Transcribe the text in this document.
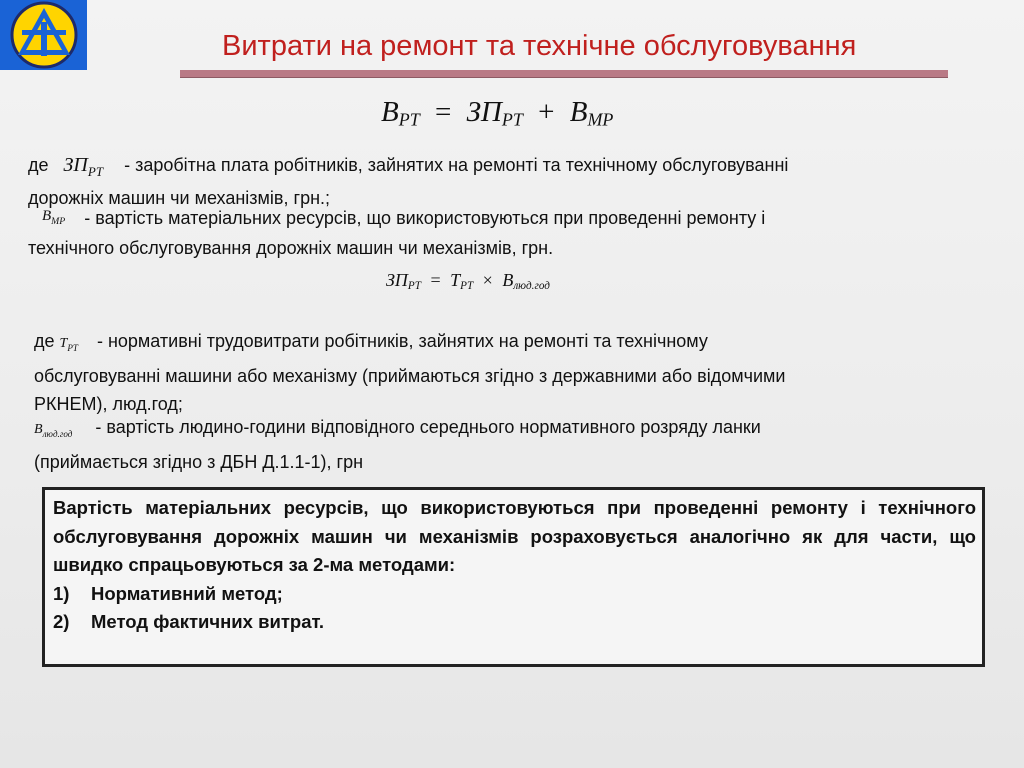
Витрати на ремонт та технічне обслуговування
$В_{РТ} = ЗП_{РТ} + В_{МР}$
де $ЗП_{РТ}$ - заробітна плата робітників, зайнятих на ремонті та технічному обслуговуванні
дорожніх машин чи механізмів, грн.;
$В_{МР}$ - вартість матеріальних ресурсів, що використовуються при проведенні ремонту і
технічного обслуговування дорожніх машин чи механізмів, грн.
$ЗП_{РТ} = Т_{РТ} \times В_{люд.год}$
де $Т_{РТ}$ - нормативні трудовитрати робітників, зайнятих на ремонті та технічному
обслуговуванні машини або механізму (приймаються згідно з державними або відомчими
РКНЕМ), люд.год;
$В_{люд.год}$ - вартість людино-години відповідного середнього нормативного розряду ланки
(приймається згідно з ДБН Д.1.1-1), грн
Вартість матеріальних ресурсів, що використовуються при проведенні ремонту і технічного обслуговування дорожніх машин чи механізмів розраховується аналогічно як для части, що швидко спрацьовуються за 2-ма методами:
1)	Нормативний метод;
2)	Метод фактичних витрат.
